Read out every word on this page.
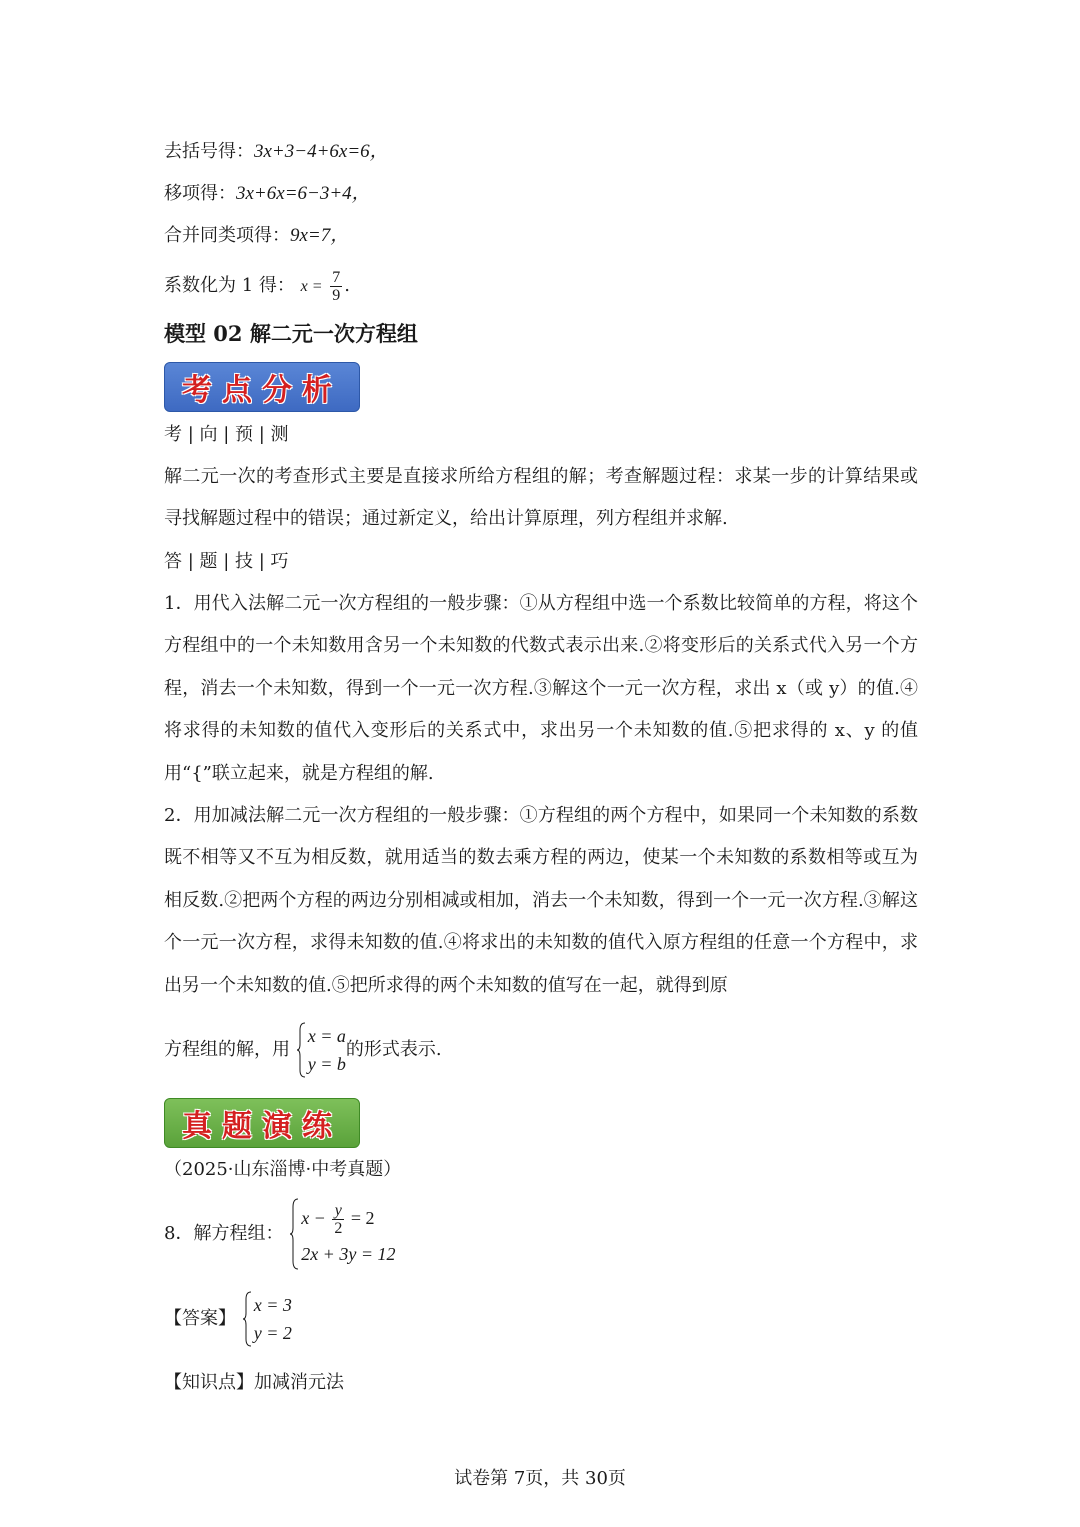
去括号得：3x+3−4+6x=6，
移项得：3x+6x=6−3+4，
合并同类项得：9x=7，
系数化为 1 得： $x = \frac{7}{9}$ .
模型 02 解二元一次方程组
考点分析
考 | 向 | 预 | 测
解二元一次的考查形式主要是直接求所给方程组的解；考查解题过程：求某一步的计算结果或寻找解题过程中的错误；通过新定义，给出计算原理，列方程组并求解.
答 | 题 | 技 | 巧
1．用代入法解二元一次方程组的一般步骤：①从方程组中选一个系数比较简单的方程，将这个方程组中的一个未知数用含另一个未知数的代数式表示出来.②将变形后的关系式代入另一个方程，消去一个未知数，得到一个一元一次方程.③解这个一元一次方程，求出 x（或 y）的值.④将求得的未知数的值代入变形后的关系式中，求出另一个未知数的值.⑤把求得的 x、y 的值用“{”联立起来，就是方程组的解.
2．用加减法解二元一次方程组的一般步骤：①方程组的两个方程中，如果同一个未知数的系数既不相等又不互为相反数，就用适当的数去乘方程的两边，使某一个未知数的系数相等或互为相反数.②把两个方程的两边分别相减或相加，消去一个未知数，得到一个一元一次方程.③解这个一元一次方程，求得未知数的值.④将求出的未知数的值代入原方程组的任意一个方程中，求出另一个未知数的值.⑤把所求得的两个未知数的值写在一起，就得到原
方程组的解，用
x = a
y = b
的形式表示.
真题演练
（2025·山东淄博·中考真题）
8．解方程组：
$x - \frac{y}{2} = 2$
2x + 3y = 12
【答案】
x = 3
y = 2
【知识点】加减消元法
试卷第 7页，共 30页
